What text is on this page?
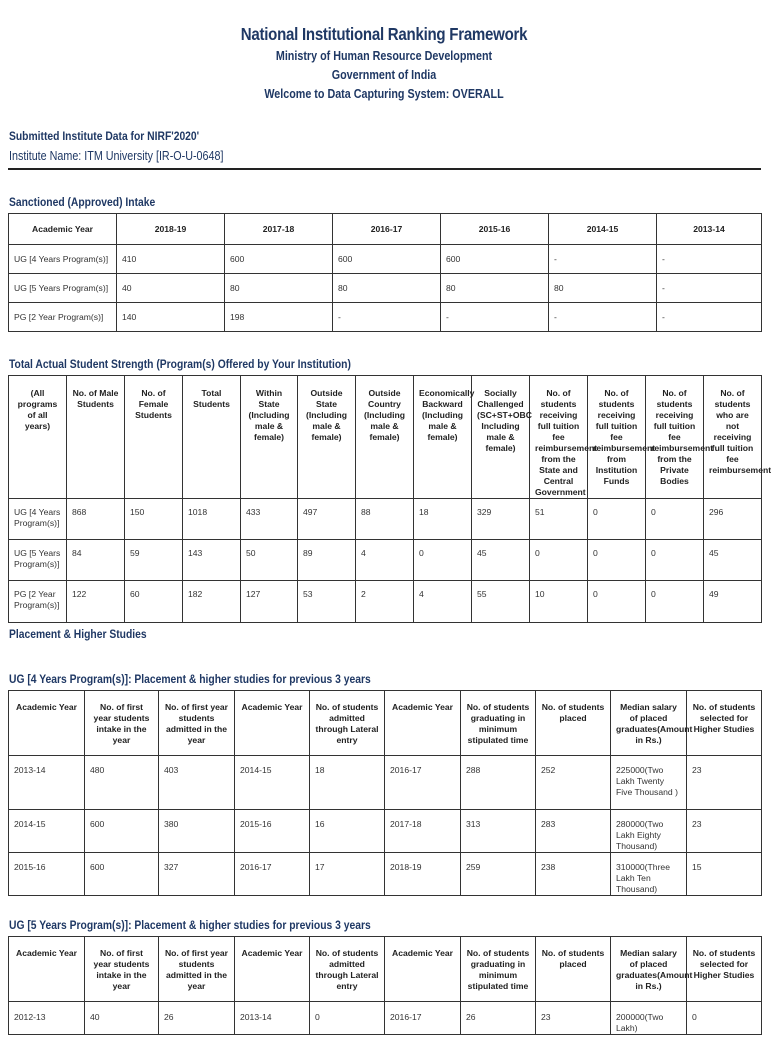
National Institutional Ranking Framework
Ministry of Human Resource Development
Government of India
Welcome to Data Capturing System: OVERALL
Submitted Institute Data for NIRF'2020'
Institute Name: ITM University [IR-O-U-0648]
Sanctioned (Approved) Intake
Academic Year	2018-19	2017-18	2016-17	2015-16	2014-15	2013-14
UG [4 Years Program(s)]	410	600	600	600	-	-
UG [5 Years Program(s)]	40	80	80	80	80	-
PG [2 Year Program(s)]	140	198	-	-	-	-
Total Actual Student Strength (Program(s) Offered by Your Institution)
(All programs of all years)	No. of Male Students	No. of Female Students	Total Students	Within State (Including male & female)	Outside State (Including male & female)	Outside Country (Including male & female)	Economically Backward (Including male & female)	Socially Challenged (SC+ST+OBC Including male & female)	No. of students receiving full tuition fee reimbursement from the State and Central Government	No. of students receiving full tuition fee reimbursement from Institution Funds	No. of students receiving full tuition fee reimbursement from the Private Bodies	No. of students who are not receiving full tuition fee reimbursement
UG [4 Years Program(s)]	868	150	1018	433	497	88	18	329	51	0	0	296
UG [5 Years Program(s)]	84	59	143	50	89	4	0	45	0	0	0	45
PG [2 Year Program(s)]	122	60	182	127	53	2	4	55	10	0	0	49
Placement & Higher Studies
UG [4 Years Program(s)]: Placement & higher studies for previous 3 years
Academic Year	No. of first year students intake in the year	No. of first year students admitted in the year	Academic Year	No. of students admitted through Lateral entry	Academic Year	No. of students graduating in minimum stipulated time	No. of students placed	Median salary of placed graduates(Amount in Rs.)	No. of students selected for Higher Studies
2013-14	480	403	2014-15	18	2016-17	288	252	225000(Two Lakh Twenty Five Thousand )	23
2014-15	600	380	2015-16	16	2017-18	313	283	280000(Two Lakh Eighty Thousand)	23
2015-16	600	327	2016-17	17	2018-19	259	238	310000(Three Lakh Ten Thousand)	15
UG [5 Years Program(s)]: Placement & higher studies for previous 3 years
Academic Year	No. of first year students intake in the year	No. of first year students admitted in the year	Academic Year	No. of students admitted through Lateral entry	Academic Year	No. of students graduating in minimum stipulated time	No. of students placed	Median salary of placed graduates(Amount in Rs.)	No. of students selected for Higher Studies
2012-13	40	26	2013-14	0	2016-17	26	23	200000(Two Lakh)	0
